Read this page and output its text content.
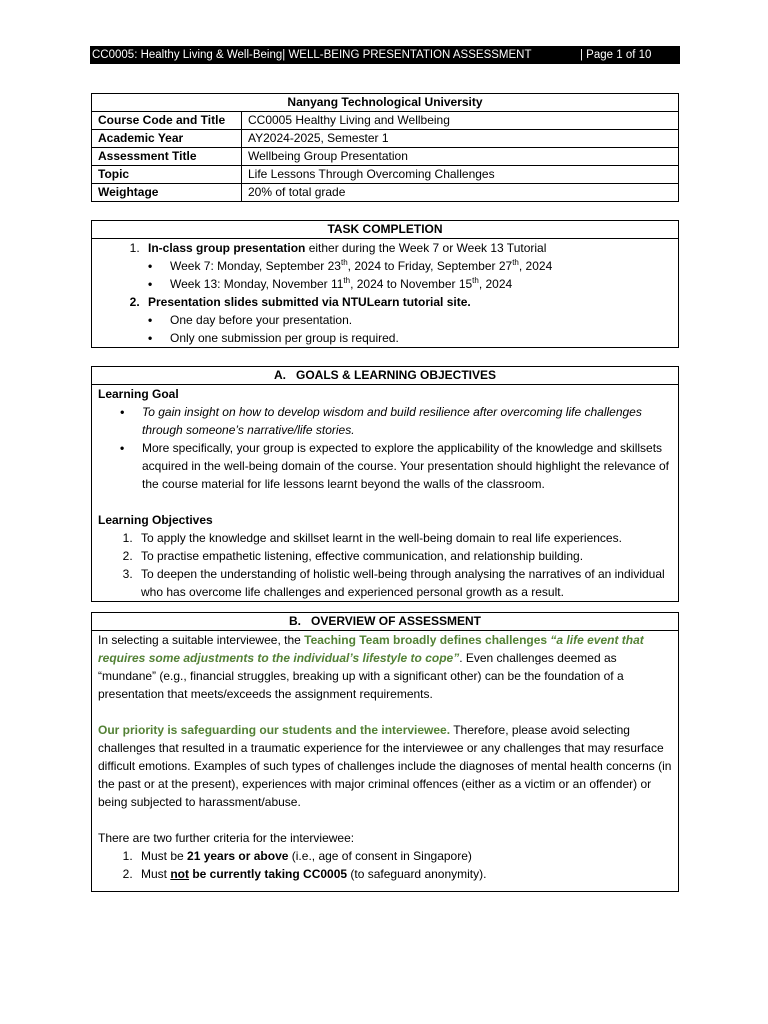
CC0005: Healthy Living & Well-Being| WELL-BEING PRESENTATION ASSESSMENT	| Page 1 of 10
Nanyang Technological University	
Course Code and Title	CC0005 Healthy Living and Wellbeing
Academic Year	AY2024-2025, Semester 1
Assessment Title	Wellbeing Group Presentation
Topic	Life Lessons Through Overcoming Challenges
Weightage	20% of total grade
TASK COMPLETION
1. In-class group presentation either during the Week 7 or Week 13 Tutorial
• Week 7: Monday, September 23th, 2024 to Friday, September 27th, 2024
• Week 13: Monday, November 11th, 2024 to November 15th, 2024
2. Presentation slides submitted via NTULearn tutorial site.
• One day before your presentation.
• Only one submission per group is required.
A.   GOALS & LEARNING OBJECTIVES
Learning Goal
• To gain insight on how to develop wisdom and build resilience after overcoming life challenges through someone’s narrative/life stories.
• More specifically, your group is expected to explore the applicability of the knowledge and skillsets acquired in the well-being domain of the course. Your presentation should highlight the relevance of the course material for life lessons learnt beyond the walls of the classroom.
Learning Objectives
1. To apply the knowledge and skillset learnt in the well-being domain to real life experiences.
2. To practise empathetic listening, effective communication, and relationship building.
3. To deepen the understanding of holistic well-being through analysing the narratives of an individual who has overcome life challenges and experienced personal growth as a result.
B.   OVERVIEW OF ASSESSMENT
In selecting a suitable interviewee, the Teaching Team broadly defines challenges “a life event that requires some adjustments to the individual’s lifestyle to cope”. Even challenges deemed as “mundane” (e.g., financial struggles, breaking up with a significant other) can be the foundation of a presentation that meets/exceeds the assignment requirements.
Our priority is safeguarding our students and the interviewee. Therefore, please avoid selecting challenges that resulted in a traumatic experience for the interviewee or any challenges that may resurface difficult emotions. Examples of such types of challenges include the diagnoses of mental health concerns (in the past or at the present), experiences with major criminal offences (either as a victim or an offender) or being subjected to harassment/abuse.
There are two further criteria for the interviewee:
1. Must be 21 years or above (i.e., age of consent in Singapore)
2. Must not be currently taking CC0005 (to safeguard anonymity).
